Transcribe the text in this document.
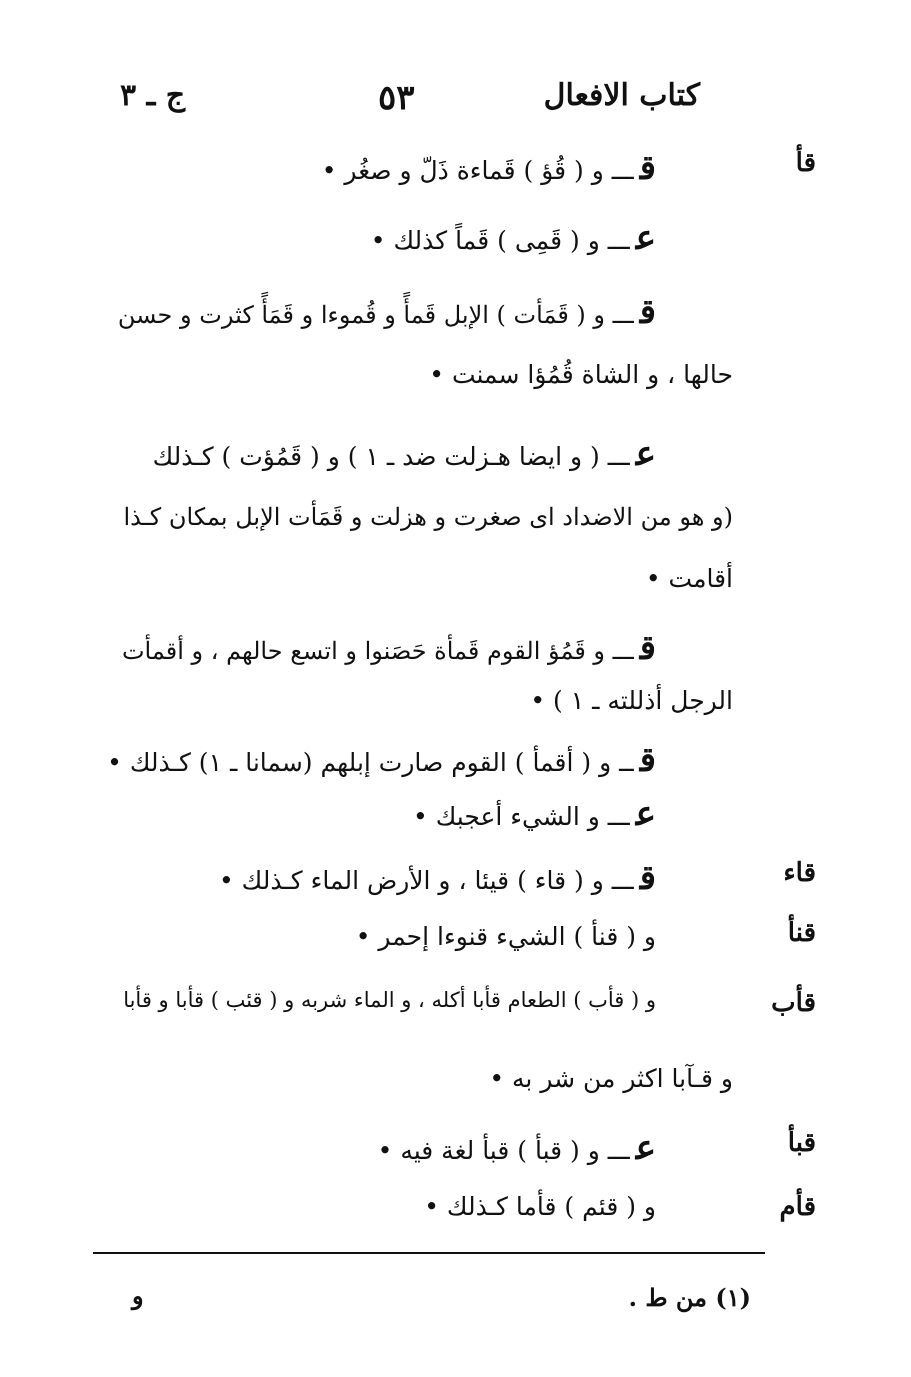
كتاب الافعال
٥٣
ج ـ ٣
قأ
قاء
قنأ
قأب
قبأ
قأم
قـــ و ( قُؤ ) قَماءة ذَلّ و صغُر •
عـــ و ( قَمِى ) قَماً كذلك •
قـــ و ( قَمَأت ) الإبل قَمأً و قُموءا و قَمَأً كثرت و حسن
حالها ، و الشاة قُمُؤا سمنت •
عـــ ( و ايضا هـزلت ضد ـ ١ ) و ( قَمُؤت ) كـذلك
(و هو من الاضداد اى صغرت و هزلت و قَمَأت الإبل بمكان كـذا
أقامت •
قـــ و قَمُؤ القوم قَمأة حَصَنوا و اتسع حالهم ، و أقمأت
الرجل أذللته ـ ١ ) •
قــ و ( أقمأ ) القوم صارت إبلهم (سمانا ـ ١) كـذلك •
عـــ و الشيء أعجبك •
قـــ و ( قاء ) قيئا ، و الأرض الماء كـذلك •
و ( قنأ ) الشيء قنوءا إحمر •
و ( قأب ) الطعام قأبا أكله ، و الماء شربه و ( قئب ) قأبا و قأبا
و قـآبا اكثر من شر به •
عـــ و ( قبأ ) قبأ لغة فيه •
و ( قئم ) قأما كـذلك •
(١) من ط .
و
